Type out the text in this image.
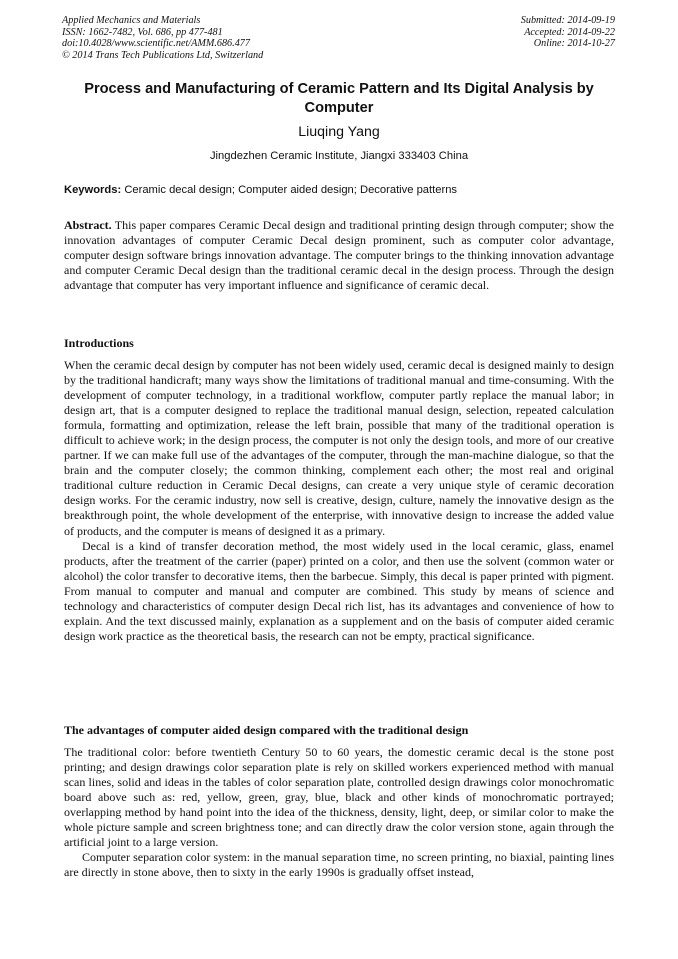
Applied Mechanics and Materials
ISSN: 1662-7482, Vol. 686, pp 477-481
doi:10.4028/www.scientific.net/AMM.686.477
© 2014 Trans Tech Publications Ltd, Switzerland
Submitted: 2014-09-19
Accepted: 2014-09-22
Online: 2014-10-27
Process and Manufacturing of Ceramic Pattern and Its Digital Analysis by Computer
Liuqing Yang
Jingdezhen Ceramic Institute, Jiangxi 333403 China
Keywords: Ceramic decal design; Computer aided design; Decorative patterns

Abstract. This paper compares Ceramic Decal design and traditional printing design through computer; show the innovation advantages of computer Ceramic Decal design prominent, such as computer color advantage, computer design software brings innovation advantage. The computer brings to the thinking innovation advantage and computer Ceramic Decal design than the traditional ceramic decal in the design process. Through the design advantage that computer has very important influence and significance of ceramic decal.

Introductions

When the ceramic decal design by computer has not been widely used, ceramic decal is designed mainly to design by the traditional handicraft; many ways show the limitations of traditional manual and time-consuming. With the development of computer technology, in a traditional workflow, computer partly replace the manual labor; in design art, that is a computer designed to replace the traditional manual design, selection, repeated calculation formula, formatting and optimization, release the left brain, possible that many of the traditional operation is difficult to achieve work; in the design process, the computer is not only the design tools, and more of our creative partner. If we can make full use of the advantages of the computer, through the man-machine dialogue, so that the brain and the computer closely; the common thinking, complement each other; the most real and original traditional culture reduction in Ceramic Decal designs, can create a very unique style of ceramic decoration design works. For the ceramic industry, now sell is creative, design, culture, namely the innovative design as the breakthrough point, the whole development of the enterprise, with innovative design to increase the added value of products, and the computer is means of designed it as a primary.

Decal is a kind of transfer decoration method, the most widely used in the local ceramic, glass, enamel products, after the treatment of the carrier (paper) printed on a color, and then use the solvent (common water or alcohol) the color transfer to decorative items, then the barbecue. Simply, this decal is paper printed with pigment. From manual to computer and manual and computer are combined. This study by means of science and technology and characteristics of computer design Decal rich list, has its advantages and convenience of how to explain. And the text discussed mainly, explanation as a supplement and on the basis of computer aided ceramic design work practice as the theoretical basis, the research can not be empty, practical significance.

The advantages of computer aided design compared with the traditional design

The traditional color: before twentieth Century 50 to 60 years, the domestic ceramic decal is the stone post printing; and design drawings color separation plate is rely on skilled workers experienced method with manual scan lines, solid and ideas in the tables of color separation plate, controlled design drawings color monochromatic board above such as: red, yellow, green, gray, blue, black and other kinds of monochromatic portrayed; overlapping method by hand point into the idea of the thickness, density, light, deep, or similar color to make the whole picture sample and screen brightness tone; and can directly draw the color version stone, again through the artificial joint to a large version.

Computer separation color system: in the manual separation time, no screen printing, no biaxial, painting lines are directly in stone above, then to sixty in the early 1990s is gradually offset instead,
